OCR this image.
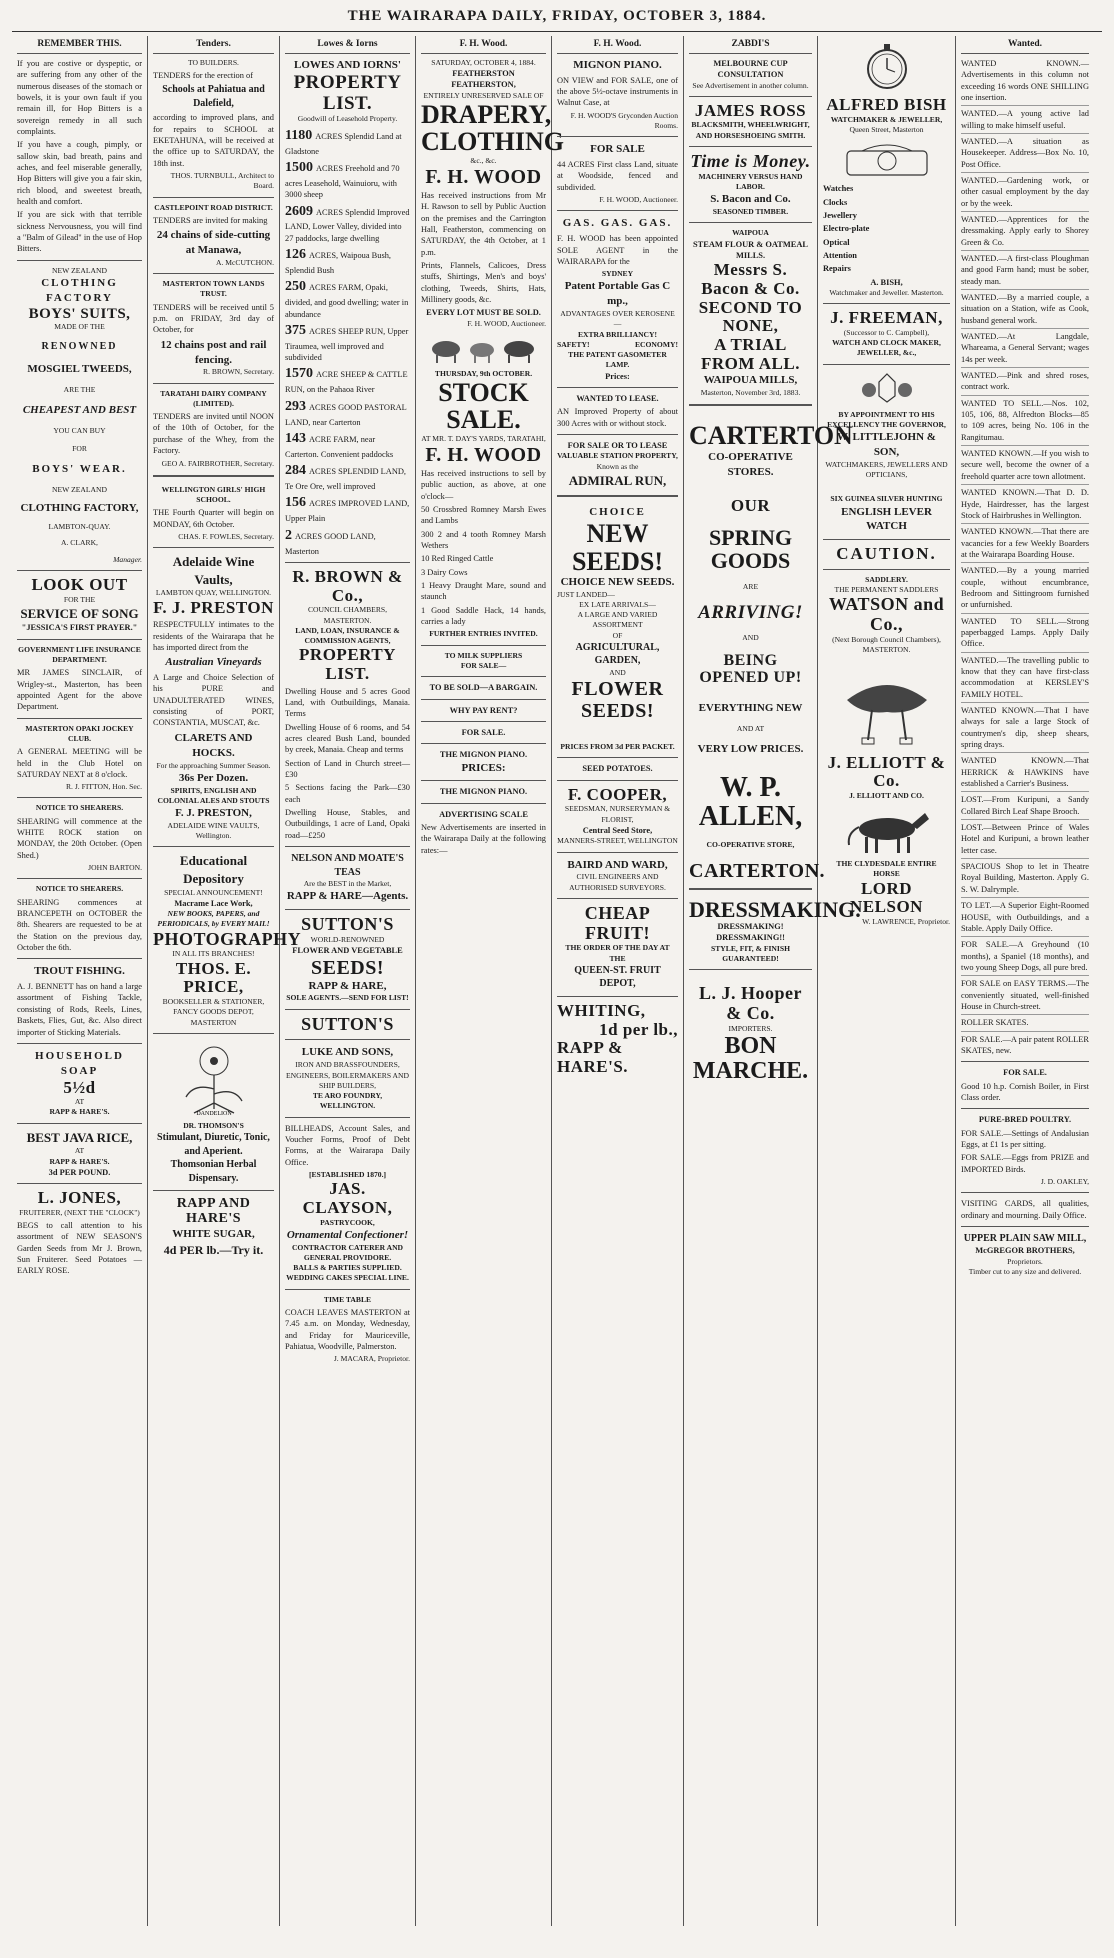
THE WAIRARAPA DAILY, FRIDAY, OCTOBER 3, 1884.
REMEMBER THIS.

If you are costive or dyspeptic, or are suffering from any other of the numerous diseases of the stomach or bowels, it is your own fault if you remain ill, for Hop Bitters is a sovereign remedy in all such complaints.

If you have a cough, pimply, or sallow skin, bad breath, pains and aches, and feel miserable generally, Hop Bitters will give you a fair skin, rich blood, and sweetest breath, health and comfort.

If you are sick with that terrible sickness Nervousness, you will find a "Balm of Gilead" in the use of Hop Bitters.

NEW ZEALAND
CLOTHING FACTORY
BOYS' SUITS,
MADE OF THE
RENOWNED
MOSGIEL TWEEDS,
ARE THE
CHEAPEST AND BEST
YOU CAN BUY
FOR
BOYS' WEAR.
NEW ZEALAND
CLOTHING FACTORY,
LAMBTON-QUAY.
A. CLARK,
Manager.
LOOK OUT
FOR THE
SERVICE OF SONG
"JESSICA'S FIRST PRAYER."
GOVERNMENT LIFE INSURANCE DEPARTMENT.

MR JAMES SINCLAIR, of Wrigley-st., Masterton, has been appointed Agent for the above Department.

MASTERTON OPAKI JOCKEY CLUB.

A GENERAL MEETING will be held in the Club Hotel on SATURDAY NEXT at 8 o'clock.

R. J. FITTON, Hon. Sec.
NOTICE TO SHEARERS.

SHEARING will commence at the WHITE ROCK station on MONDAY, the 20th October. (Open Shed.)

JOHN BARTON.
NOTICE TO SHEARERS.

SHEARING commences at BRANCEPETH on OCTOBER the 8th. Shearers are requested to be at the Station on the previous day, October the 6th.

TROUT FISHING.

A. J. BENNETT has on hand a large assortment of Fishing Tackle, consisting of Rods, Reels, Lines, Baskets, Flies, Gut, &c. Also direct importer of Sticking Materials.

HOUSEHOLD SOAP
5½d
AT
RAPP & HARE'S.
BEST JAVA RICE,
AT
RAPP & HARE'S.
3d PER POUND.
L. JONES,
FRUITERER, (NEXT THE "CLOCK")

BEGS to call attention to his assortment of NEW SEASON'S Garden Seeds from Mr J. Brown, Sun Fruiterer. Seed Potatoes — EARLY ROSE.

Tenders.
TO BUILDERS.

TENDERS for the erection of

Schools at Pahiatua and Dalefield,

according to improved plans, and for repairs to SCHOOL at EKETAHUNA, will be received at the office up to SATURDAY, the 18th inst.

THOS. TURNBULL, Architect to Board.
CASTLEPOINT ROAD DISTRICT.

TENDERS are invited for making

24 chains of side-cutting at Manawa,
A. McCUTCHON.
MASTERTON TOWN LANDS TRUST.

TENDERS will be received until 5 p.m. on FRIDAY, 3rd day of October, for

12 chains post and rail fencing.
R. BROWN, Secretary.
TARATAHI DAIRY COMPANY (LIMITED).

TENDERS are invited until NOON of the 10th of October, for the purchase of the Whey, from the Factory.

GEO A. FAIRBROTHER, Secretary.
WELLINGTON GIRLS' HIGH SCHOOL.

THE Fourth Quarter will begin on MONDAY, 6th October.

CHAS. F. FOWLES, Secretary.
Adelaide Wine Vaults,
LAMBTON QUAY, WELLINGTON.
F. J. PRESTON

RESPECTFULLY intimates to the residents of the Wairarapa that he has imported direct from the

Australian Vineyards

A Large and Choice Selection of his PURE and UNADULTERATED WINES, consisting of PORT, CONSTANTIA, MUSCAT, &c.

CLARETS AND HOCKS.
For the approaching Summer Season.
36s Per Dozen.
SPIRITS, ENGLISH AND COLONIAL ALES AND STOUTS
F. J. PRESTON,
ADELAIDE WINE VAULTS, Wellington.
Educational Depository
SPECIAL ANNOUNCEMENT!
Macrame Lace Work,
NEW BOOKS, PAPERS, and PERIODICALS, by EVERY MAIL!
PHOTOGRAPHY
IN ALL ITS BRANCHES!
THOS. E. PRICE,
BOOKSELLER & STATIONER, FANCY GOODS DEPOT, MASTERTON
DANDELION
DR. THOMSON'S
Stimulant, Diuretic, Tonic, and Aperient.
Thomsonian Herbal Dispensary.
RAPP AND HARE'S
WHITE SUGAR,
4d PER lb.—Try it.
Lowes & Iorns
LOWES AND IORNS'
PROPERTY LIST.
Goodwill of Leasehold Property.
1180 ACRES Splendid Land at Gladstone
1500 ACRES Freehold and 70 acres Leasehold, Wainuioru, with 3000 sheep
2609 ACRES Splendid Improved LAND, Lower Valley, divided into 27 paddocks, large dwelling
126 ACRES, Waipoua Bush, Splendid Bush
250 ACRES FARM, Opaki, divided, and good dwelling; water in abundance
375 ACRES SHEEP RUN, Upper Tiraumea, well improved and subdivided
1570 ACRE SHEEP & CATTLE RUN, on the Pahaoa River
293 ACRES GOOD PASTORAL LAND, near Carterton
143 ACRE FARM, near Carterton. Convenient paddocks
284 ACRES SPLENDID LAND, Te Ore Ore, well improved
156 ACRES IMPROVED LAND, Upper Plain
2 ACRES GOOD LAND, Masterton
R. BROWN & Co.,
COUNCIL CHAMBERS, MASTERTON.
LAND, LOAN, INSURANCE & COMMISSION AGENTS,
PROPERTY LIST.

Dwelling House and 5 acres Good Land, with Outbuildings, Manaia. Terms

Dwelling House of 6 rooms, and 54 acres cleared Bush Land, bounded by creek, Manaia. Cheap and terms

Section of Land in Church street—£30

5 Sections facing the Park—£30 each

Dwelling House, Stables, and Outbuildings, 1 acre of Land, Opaki road—£250

NELSON AND MOATE'S TEAS
Are the BEST in the Market,
RAPP & HARE—Agents.
SUTTON'S
WORLD-RENOWNED
FLOWER AND VEGETABLE
SEEDS!
RAPP & HARE,
SOLE AGENTS.—SEND FOR LIST!
SUTTON'S
LUKE AND SONS,
IRON AND BRASSFOUNDERS, ENGINEERS, BOILERMAKERS AND SHIP BUILDERS,
TE ARO FOUNDRY, WELLINGTON.

BILLHEADS, Account Sales, and Voucher Forms, Proof of Debt Forms, at the Wairarapa Daily Office.

[ESTABLISHED 1870.]
JAS. CLAYSON,
PASTRYCOOK,
Ornamental Confectioner!
CONTRACTOR CATERER AND GENERAL PROVIDORE.
BALLS & PARTIES SUPPLIED.
WEDDING CAKES SPECIAL LINE.
TIME TABLE

COACH LEAVES MASTERTON at 7.45 a.m. on Monday, Wednesday, and Friday for Mauriceville, Pahiatua, Woodville, Palmerston.

J. MACARA, Proprietor.
F. H. Wood.
SATURDAY, OCTOBER 4, 1884.
FEATHERSTON FEATHERSTON,
ENTIRELY UNRESERVED SALE OF
DRAPERY,
CLOTHING
&c., &c.
F. H. WOOD

Has received instructions from Mr H. Rawson to sell by Public Auction on the premises and the Carrington Hall, Featherston, commencing on SATURDAY, the 4th October, at 1 p.m.

Prints, Flannels, Calicoes, Dress stuffs, Shirtings, Men's and boys' clothing, Tweeds, Shirts, Hats, Millinery goods, &c.

EVERY LOT MUST BE SOLD.
F. H. WOOD, Auctioneer.
THURSDAY, 9th OCTOBER.
STOCK SALE.
AT MR. T. DAY'S YARDS, TARATAHI,
F. H. WOOD

Has received instructions to sell by public auction, as above, at one o'clock—

50 Crossbred Romney Marsh Ewes and Lambs

300 2 and 4 tooth Romney Marsh Wethers

10 Red Ringed Cattle

3 Dairy Cows

1 Heavy Draught Mare, sound and staunch

1 Good Saddle Hack, 14 hands, carries a lady

FURTHER ENTRIES INVITED.
TO MILK SUPPLIERS
FOR SALE—
TO BE SOLD—A BARGAIN.
WHY PAY RENT?
FOR SALE.
THE MIGNON PIANO.
PRICES:
THE MIGNON PIANO.
ADVERTISING SCALE

New Advertisements are inserted in the Wairarapa Daily at the following rates:—

F. H. Wood.
MIGNON PIANO.

ON VIEW and FOR SALE, one of the above 5½-octave instruments in Walnut Case, at

F. H. WOOD'S Gryconden Auction Rooms.
FOR SALE

44 ACRES First class Land, situate at Woodside, fenced and subdivided.

F. H. WOOD, Auctioneer.
GAS. GAS. GAS.

F. H. WOOD has been appointed SOLE AGENT in the WAIRARAPA for the

SYDNEY
Patent Portable Gas C mp.,
ADVANTAGES OVER KEROSENE—
EXTRA BRILLIANCY!
SAFETY!	ECONOMY!
THE PATENT GASOMETER LAMP.
Prices:
WANTED TO LEASE.

AN Improved Property of about 300 Acres with or without stock.

FOR SALE OR TO LEASE
VALUABLE STATION PROPERTY,
Known as the
ADMIRAL RUN,
CHOICE
NEW SEEDS!
CHOICE NEW SEEDS.
JUST LANDED—
EX LATE ARRIVALS—
A LARGE AND VARIED ASSORTMENT
OF
AGRICULTURAL, GARDEN,
AND
FLOWER SEEDS!
PRICES FROM 3d PER PACKET.
SEED POTATOES.
F. COOPER,
SEEDSMAN, NURSERYMAN & FLORIST,
Central Seed Store,
MANNERS-STREET, WELLINGTON
BAIRD AND WARD,
CIVIL ENGINEERS AND AUTHORISED SURVEYORS.
CHEAP FRUIT!
THE ORDER OF THE DAY AT THE
QUEEN-ST. FRUIT DEPOT,
WHITING,
1d per lb.,
RAPP & HARE'S.
ZABDI'S
MELBOURNE CUP CONSULTATION
See Advertisement in another column.
JAMES ROSS
BLACKSMITH, WHEELWRIGHT, AND HORSESHOEING SMITH.
Time is Money.
MACHINERY VERSUS HAND LABOR.
S. Bacon and Co.
SEASONED TIMBER.
WAIPOUA
STEAM FLOUR & OATMEAL MILLS.
Messrs S. Bacon & Co.
SECOND TO NONE,
A TRIAL FROM ALL.
WAIPOUA MILLS,
Masterton, November 3rd, 1883.
CARTERTON
CO-OPERATIVE STORES.
OUR
SPRING GOODS
ARE
ARRIVING!
AND
BEING OPENED UP!
EVERYTHING NEW
AND AT
VERY LOW PRICES.
W. P. ALLEN,
CO-OPERATIVE STORE,
CARTERTON.
DRESSMAKING.
DRESSMAKING!
DRESSMAKING!!
STYLE, FIT, & FINISH GUARANTEED!
L. J. Hooper & Co.
IMPORTERS.
BON MARCHE.
ALFRED BISH
WATCHMAKER & JEWELLER,
Queen Street, Masterton

Watches

Clocks

Jewellery

Electro-plate

Optical

Attention

Repairs

A. BISH,
Watchmaker and Jeweller. Masterton.
J. FREEMAN,
(Successor to C. Campbell),
WATCH AND CLOCK MAKER,
JEWELLER, &c.,
BY APPOINTMENT TO HIS EXCELLENCY THE GOVERNOR,
W. LITTLEJOHN & SON,
WATCHMAKERS, JEWELLERS AND OPTICIANS,
SIX GUINEA SILVER HUNTING
ENGLISH LEVER WATCH
CAUTION.
SADDLERY.
THE PERMANENT SADDLERS
WATSON and Co.,
(Next Borough Council Chambers), MASTERTON.
J. ELLIOTT & Co.
J. ELLIOTT AND CO.
THE CLYDESDALE ENTIRE HORSE
LORD NELSON
W. LAWRENCE, Proprietor.
Wanted.

WANTED KNOWN.—Advertisements in this column not exceeding 16 words ONE SHILLING one insertion.

WANTED.—A young active lad willing to make himself useful.

WANTED.—A situation as Housekeeper. Address—Box No. 10, Post Office.

WANTED.—Gardening work, or other casual employment by the day or by the week.

WANTED.—Apprentices for the dressmaking. Apply early to Shorey Green & Co.

WANTED.—A first-class Ploughman and good Farm hand; must be sober, steady man.

WANTED.—By a married couple, a situation on a Station, wife as Cook, husband general work.

WANTED.—At Langdale, Whareama, a General Servant; wages 14s per week.

WANTED.—Pink and shred roses, contract work.

WANTED TO SELL.—Nos. 102, 105, 106, 88, Alfredton Blocks—85 to 109 acres, being No. 106 in the Rangitumau.

WANTED KNOWN.—If you wish to secure well, become the owner of a freehold quarter acre town allotment.

WANTED KNOWN.—That D. D. Hyde, Hairdresser, has the largest Stock of Hairbrushes in Wellington.

WANTED KNOWN.—That there are vacancies for a few Weekly Boarders at the Wairarapa Boarding House.

WANTED.—By a young married couple, without encumbrance, Bedroom and Sittingroom furnished or unfurnished.

WANTED TO SELL.—Strong paperbagged Lamps. Apply Daily Office.

WANTED.—The travelling public to know that they can have first-class accommodation at KERSLEY'S FAMILY HOTEL.

WANTED KNOWN.—That I have always for sale a large Stock of countrymen's dip, sheep shears, spring drays.

WANTED KNOWN.—That HERRICK & HAWKINS have established a Carrier's Business.

LOST.—From Kuripuni, a Sandy Collared Birch Leaf Shape Brooch.

LOST.—Between Prince of Wales Hotel and Kuripuni, a brown leather letter case.

SPACIOUS Shop to let in Theatre Royal Building, Masterton. Apply G. S. W. Dalrymple.

TO LET.—A Superior Eight-Roomed HOUSE, with Outbuildings, and a Stable. Apply Daily Office.

FOR SALE.—A Greyhound (10 months), a Spaniel (18 months), and two young Sheep Dogs, all pure bred.

FOR SALE on EASY TERMS.—The conveniently situated, well-finished House in Church-street.

ROLLER SKATES.

FOR SALE.—A pair patent ROLLER SKATES, new.

FOR SALE.

Good 10 h.p. Cornish Boiler, in First Class order.

PURE-BRED POULTRY.

FOR SALE.—Settings of Andalusian Eggs, at £1 1s per sitting.

FOR SALE.—Eggs from PRIZE and IMPORTED Birds.

J. D. OAKLEY,

VISITING CARDS, all qualities, ordinary and mourning. Daily Office.

UPPER PLAIN SAW MILL,
McGREGOR BROTHERS,
Proprietors.
Timber cut to any size and delivered.
